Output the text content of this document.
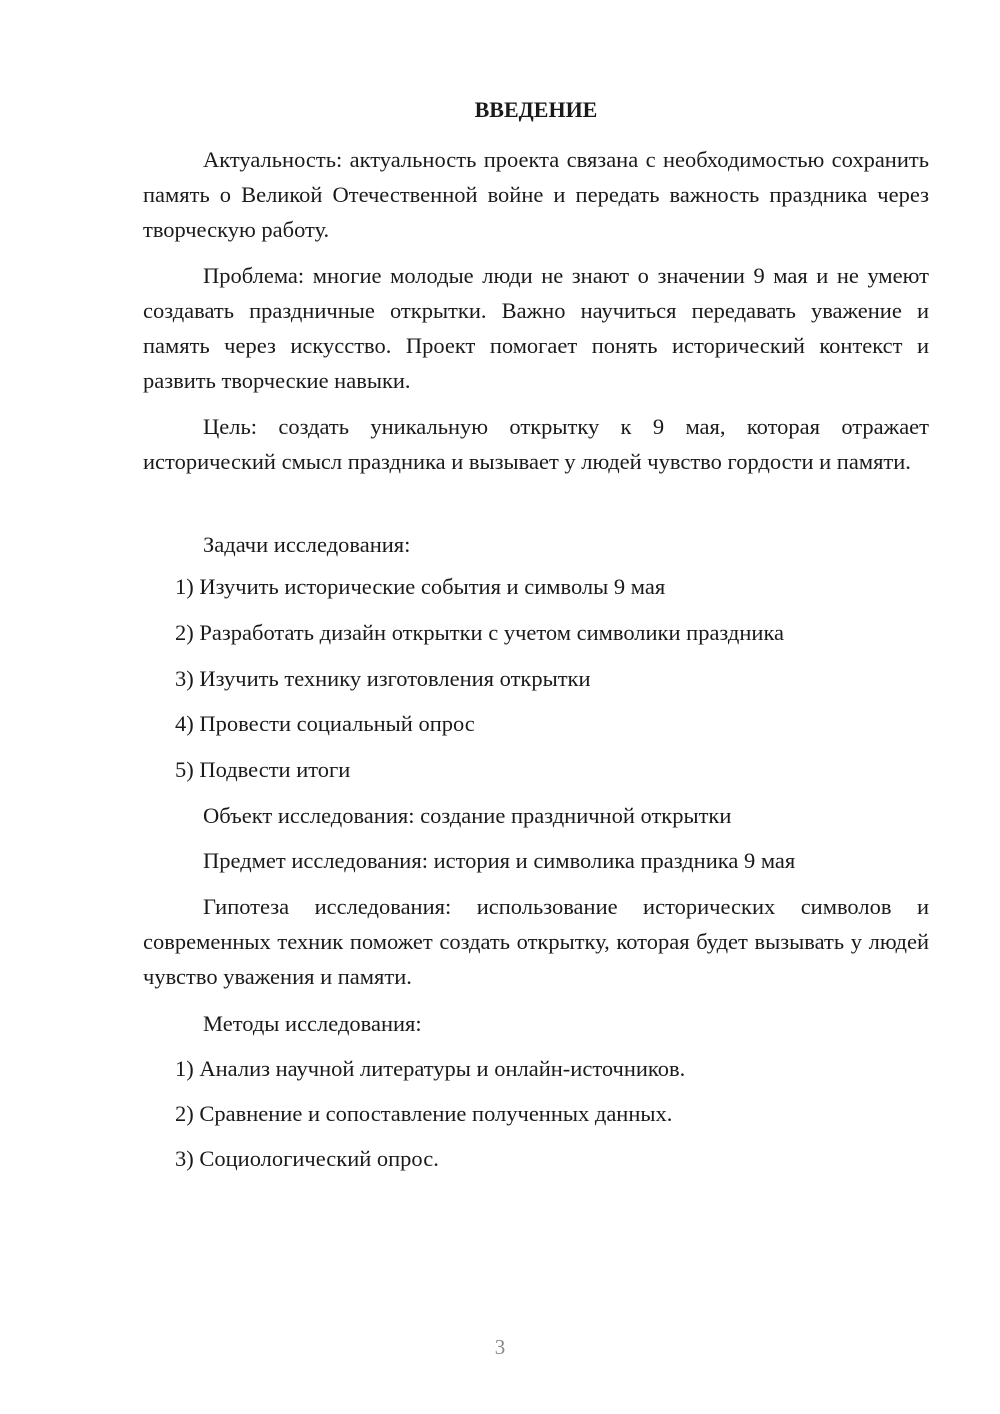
ВВЕДЕНИЕ

Актуальность: актуальность проекта связана с необходимостью сохранить память о Великой Отечественной войне и передать важность праздника через творческую работу.

Проблема: многие молодые люди не знают о значении 9 мая и не умеют создавать праздничные открытки. Важно научиться передавать уважение и память через искусство. Проект помогает понять исторический контекст и развить творческие навыки.

Цель: создать уникальную открытку к 9 мая, которая отражает исторический смысл праздника и вызывает у людей чувство гордости и памяти.

Задачи исследования:

1) Изучить исторические события и символы 9 мая

2) Разработать дизайн открытки с учетом символики праздника

3) Изучить технику изготовления открытки

4) Провести социальный опрос

5) Подвести итоги

Объект исследования: создание праздничной открытки

Предмет исследования: история и символика праздника 9 мая

Гипотеза исследования: использование исторических символов и современных техник поможет создать открытку, которая будет вызывать у людей чувство уважения и памяти.

Методы исследования:

1) Анализ научной литературы и онлайн-источников.

2) Сравнение и сопоставление полученных данных.

3) Социологический опрос.

3
